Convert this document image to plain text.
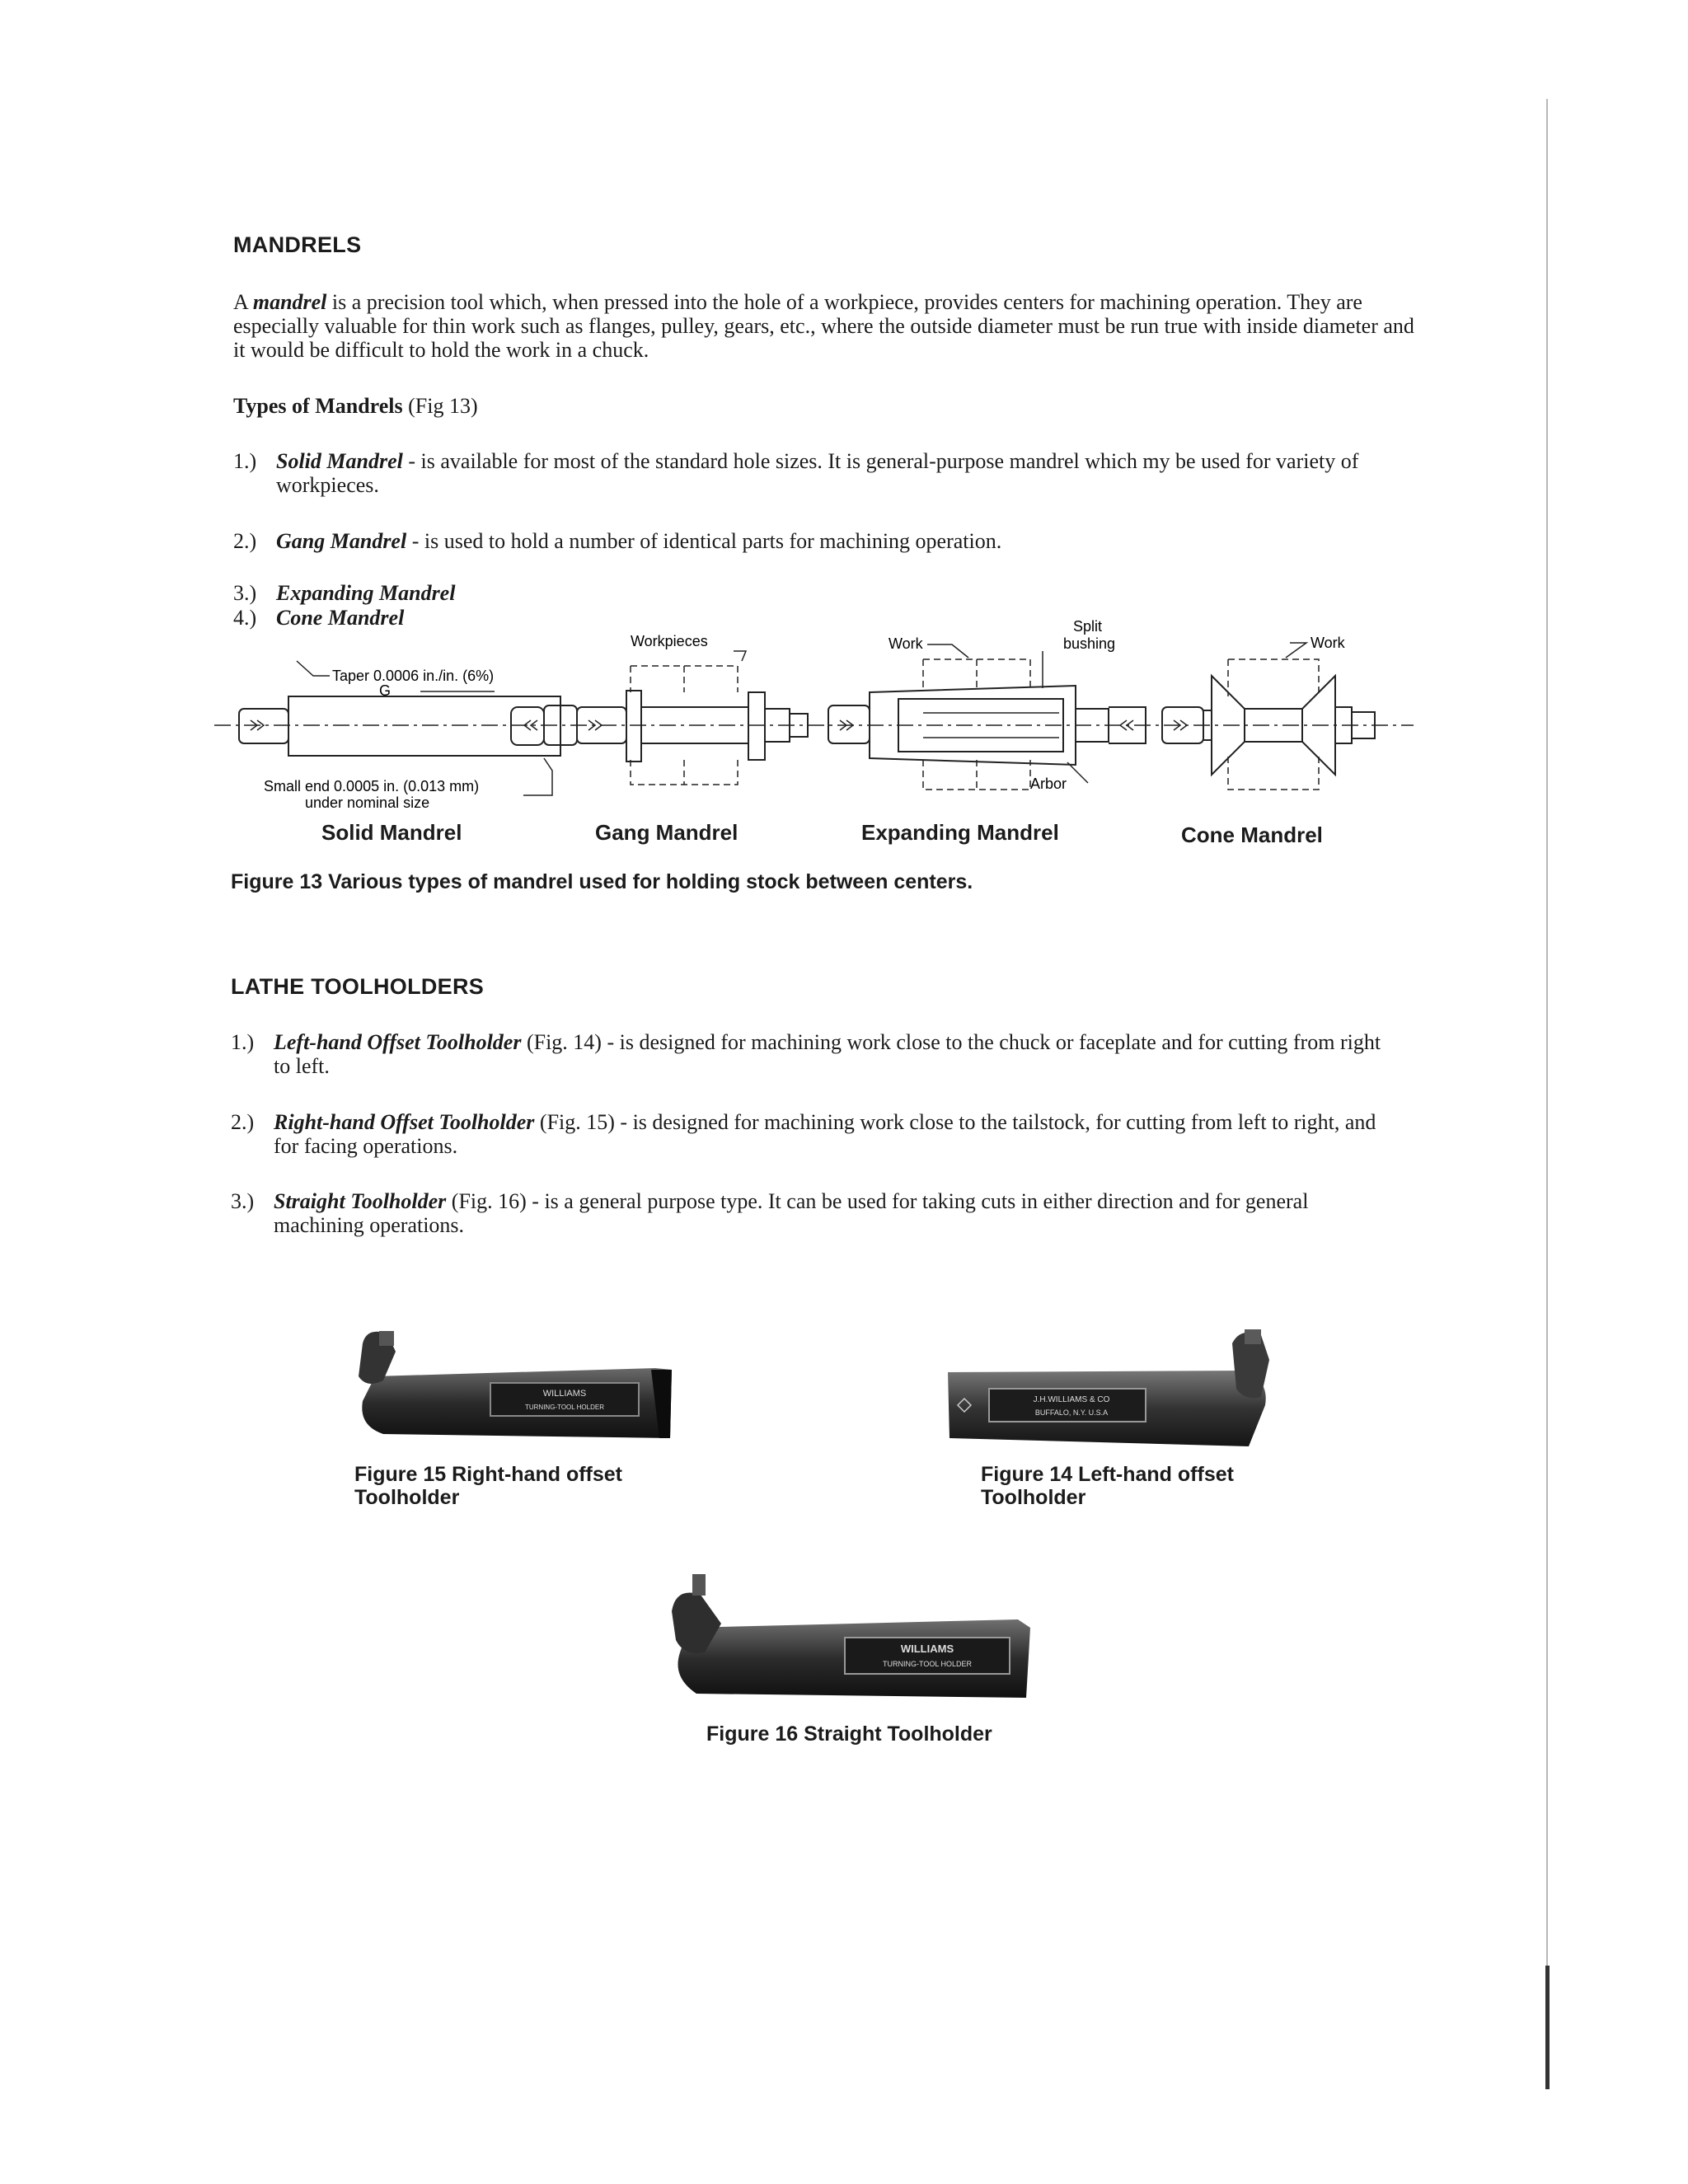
MANDRELS
A mandrel is a precision tool which, when pressed into the hole of a workpiece, provides centers for machining operation. They are especially valuable for thin work such as flanges, pulley, gears, etc., where the outside diameter must be run true with inside diameter and it would be difficult to hold the work in a chuck.
Types of Mandrels (Fig 13)
1.) Solid Mandrel - is available for most of the standard hole sizes. It is general-purpose mandrel which my be used for variety of workpieces.
2.) Gang Mandrel - is used to hold a number of identical parts for machining operation.
3.) Expanding Mandrel
4.) Cone Mandrel
Taper 0.0006 in./in. (6%)
G
Small end 0.0005 in. (0.013 mm)
under nominal size
Workpieces	Work
Split
bushing
Arbor
Work
Solid Mandrel	Gang Mandrel	Expanding Mandrel	Cone Mandrel
Figure 13 Various types of mandrel used for holding stock between centers.
LATHE TOOLHOLDERS
1.) Left-hand Offset Toolholder (Fig. 14) - is designed for machining work close to the chuck or faceplate and for cutting from right to left.
2.) Right-hand Offset Toolholder (Fig. 15) - is designed for machining work close to the tailstock, for cutting from left to right, and for facing operations.
3.) Straight Toolholder (Fig. 16) - is a general purpose type. It can be used for taking cuts in either direction and for general machining operations.
WILLIAMS
TURNING-TOOL HOLDER
Figure 15 Right-hand offset
Toolholder
J.H.WILLIAMS & CO
BUFFALO, N.Y. U.S.A
Figure 14 Left-hand offset
Toolholder
WILLIAMS
TURNING-TOOL HOLDER
Figure 16 Straight Toolholder
